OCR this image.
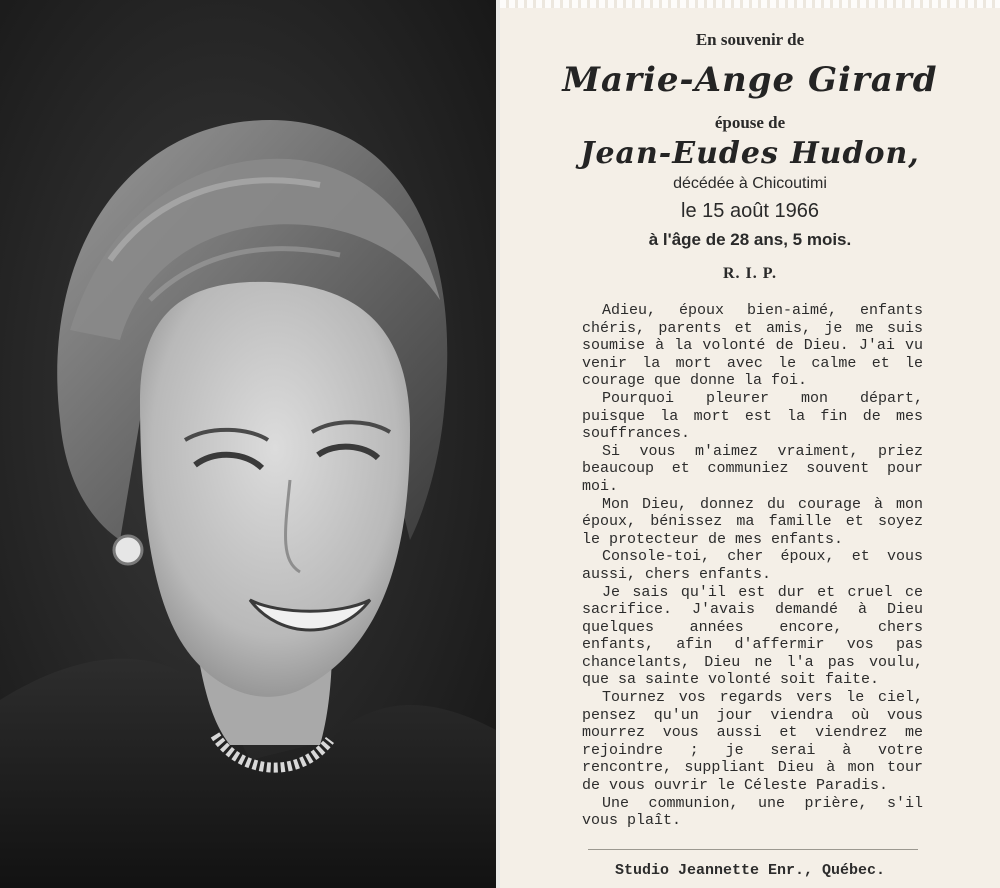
En souvenir de

Marie-Ange Girard

épouse de

Jean-Eudes Hudon,

décédée à Chicoutimi

le 15 août 1966

à l'âge de 28 ans, 5 mois.

R. I. P.

Adieu, époux bien-aimé, enfants chéris, parents et amis, je me suis soumise à la volonté de Dieu. J'ai vu venir la mort avec le calme et le courage que donne la foi.

Pourquoi pleurer mon départ, puisque la mort est la fin de mes souffrances.

Si vous m'aimez vraiment, priez beaucoup et communiez souvent pour moi.

Mon Dieu, donnez du courage à mon époux, bénissez ma famille et soyez le protecteur de mes enfants.

Console-toi, cher époux, et vous aussi, chers enfants.

Je sais qu'il est dur et cruel ce sacrifice. J'avais demandé à Dieu quelques années encore, chers enfants, afin d'affermir vos pas chancelants, Dieu ne l'a pas voulu, que sa sainte volonté soit faite.

Tournez vos regards vers le ciel, pensez qu'un jour viendra où vous mourrez vous aussi et viendrez me rejoindre ; je serai à votre rencontre, suppliant Dieu à mon tour de vous ouvrir le Céleste Paradis.

Une communion, une prière, s'il vous plaît.

Studio Jeannette Enr., Québec.
